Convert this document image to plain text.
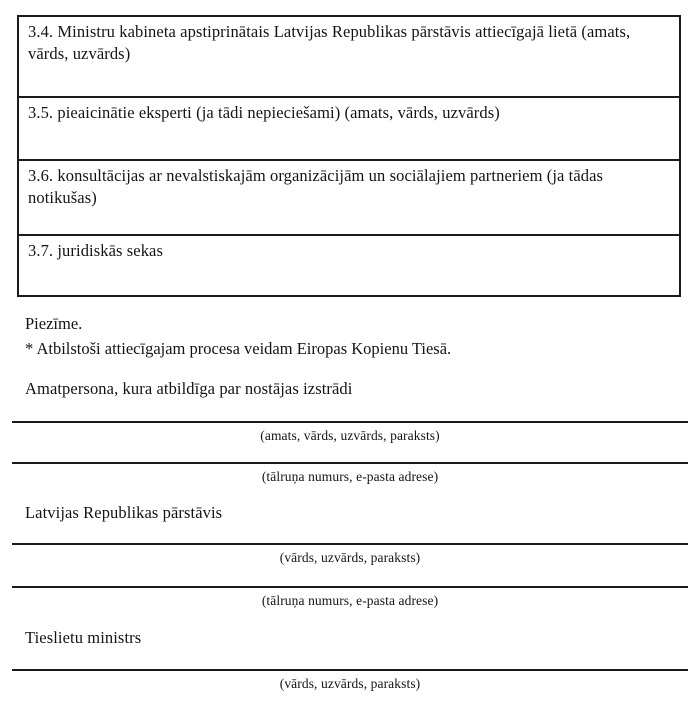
3.4. Ministru kabineta apstiprinātais Latvijas Republikas pārstāvis attiecīgajā lietā (amats, vārds, uzvārds)
3.5. pieaicinātie eksperti (ja tādi nepieciešami) (amats, vārds, uzvārds)
3.6. konsultācijas ar nevalstiskajām organizācijām un sociālajiem partneriem (ja tādas notikušas)
3.7. juridiskās sekas
Piezīme.
* Atbilstoši attiecīgajam procesa veidam Eiropas Kopienu Tiesā.
Amatpersona, kura atbildīga par nostājas izstrādi
(amats, vārds, uzvārds, paraksts)
(tālruņa numurs, e-pasta adrese)
Latvijas Republikas pārstāvis
(vārds, uzvārds, paraksts)
(tālruņa numurs, e-pasta adrese)
Tieslietu ministrs
(vārds, uzvārds, paraksts)
